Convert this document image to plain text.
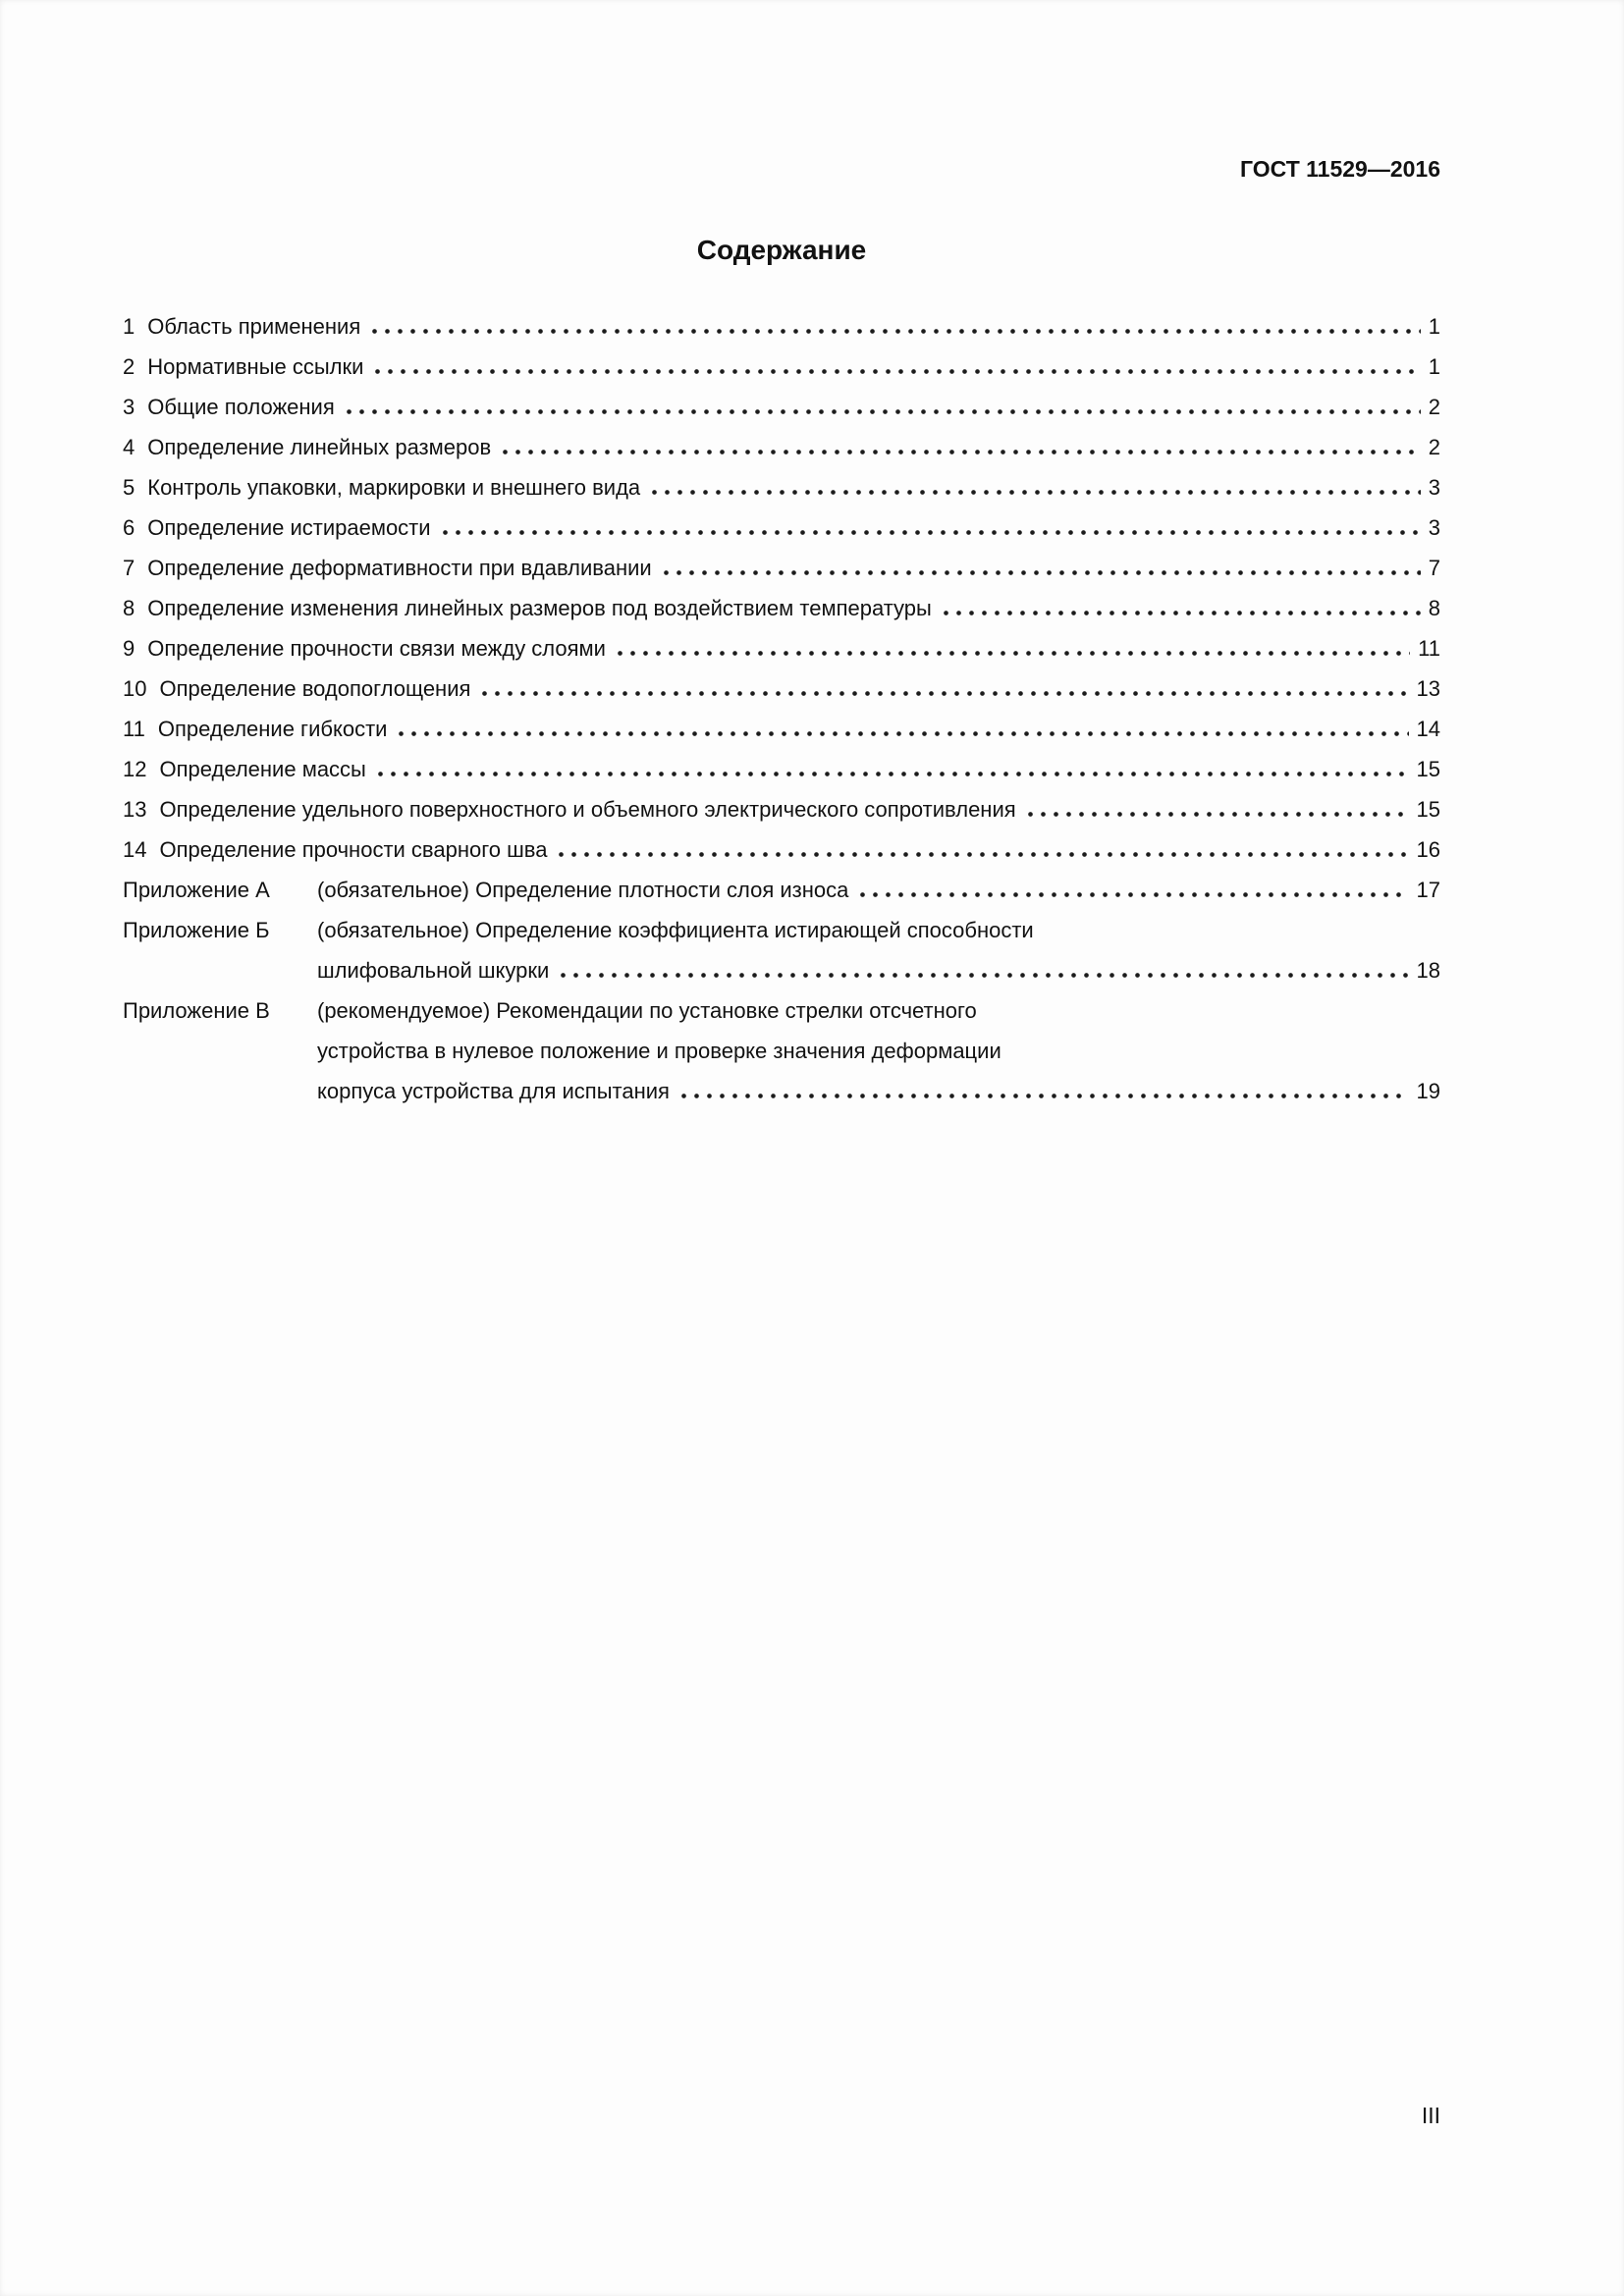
ГОСТ 11529—2016
Содержание
1 Область применения	1
2 Нормативные ссылки	1
3 Общие положения	2
4 Определение линейных размеров	2
5 Контроль упаковки, маркировки и внешнего вида	3
6 Определение истираемости	3
7 Определение деформативности при вдавливании	7
8 Определение изменения линейных размеров под воздействием температуры	8
9 Определение прочности связи между слоями	11
10 Определение водопоглощения	13
11 Определение гибкости	14
12 Определение массы	15
13 Определение удельного поверхностного и объемного электрического сопротивления	15
14 Определение прочности сварного шва	16
Приложение А	(обязательное) Определение плотности слоя износа	17
Приложение Б	(обязательное) Определение коэффициента истирающей способности
шлифовальной шкурки	18
Приложение В	(рекомендуемое) Рекомендации по установке стрелки отсчетного
устройства в нулевое положение и проверке значения деформации
корпуса устройства для испытания	19
III
